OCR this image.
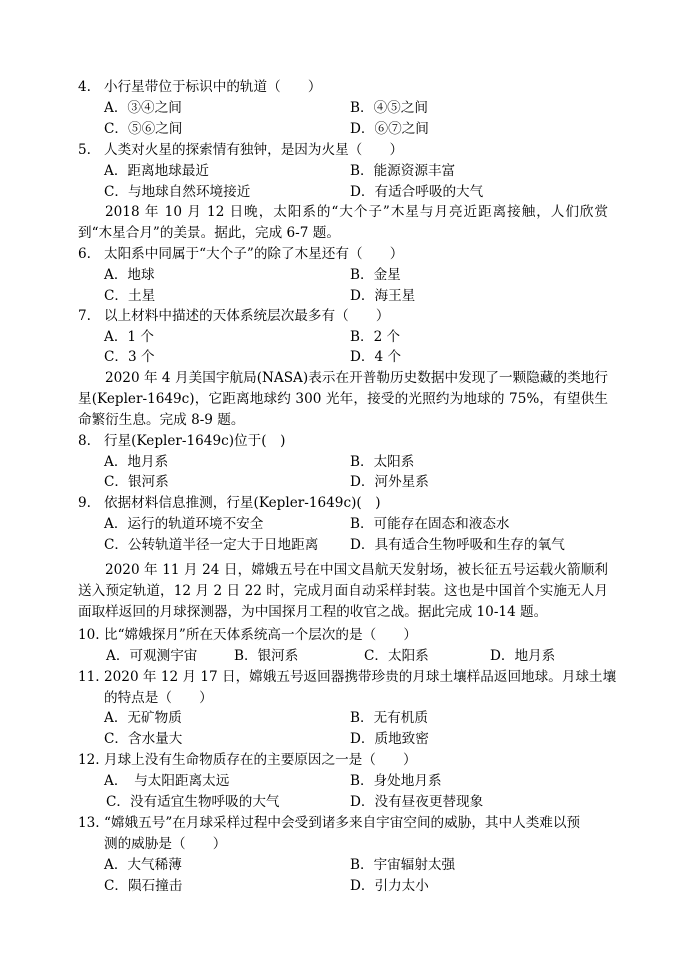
4. 小行星带位于标识中的轨道（　　）
A．③④之间	B．④⑤之间
C．⑤⑥之间	D．⑥⑦之间
5. 人类对火星的探索情有独钟，是因为火星（　　）
A．距离地球最近	B．能源资源丰富
C．与地球自然环境接近	D．有适合呼吸的大气
2018 年 10 月 12 日晚，太阳系的“大个子”木星与月亮近距离接触，人们欣赏到“木星合月”的美景。据此，完成 6-7 题。
6. 太阳系中同属于“大个子”的除了木星还有（　　）
A．地球	B．金星
C．土星	D．海王星
7. 以上材料中描述的天体系统层次最多有（　　）
A．1 个	B．2 个
C．3 个	D．4 个
2020 年 4 月美国宇航局(NASA)表示在开普勒历史数据中发现了一颗隐藏的类地行星(Kepler-1649c)，它距离地球约 300 光年，接受的光照约为地球的 75%，有望供生命繁衍生息。完成 8-9 题。
8. 行星(Kepler-1649c)位于(　)
A．地月系	B．太阳系
C．银河系	D．河外星系
9. 依据材料信息推测，行星(Kepler-1649c)(　)
A．运行的轨道环境不安全	B．可能存在固态和液态水
C．公转轨道半径一定大于日地距离 D．具有适合生物呼吸和生存的氧气
2020 年 11 月 24 日，嫦娥五号在中国文昌航天发射场，被长征五号运载火箭顺利送入预定轨道，12 月 2 日 22 时，完成月面自动采样封装。这也是中国首个实施无人月面取样返回的月球探测器，为中国探月工程的收官之战。据此完成 10-14 题。
10. 比“嫦娥探月”所在天体系统高一个层次的是（　　）
A．可观测宇宙	B．银河系	C．太阳系	D．地月系
11. 2020 年 12 月 17 日，嫦娥五号返回器携带珍贵的月球土壤样品返回地球。月球土壤
的特点是（　　）
A．无矿物质	B．无有机质
C．含水量大	D．质地致密
12. 月球上没有生命物质存在的主要原因之一是（　　）
A．　与太阳距离太远	B．身处地月系
C．没有适宜生物呼吸的大气	D．没有昼夜更替现象
13. “嫦娥五号”在月球采样过程中会受到诸多来自宇宙空间的威胁，其中人类难以预
测的威胁是（　　）
A．大气稀薄	B．宇宙辐射太强
C．陨石撞击	D．引力太小
